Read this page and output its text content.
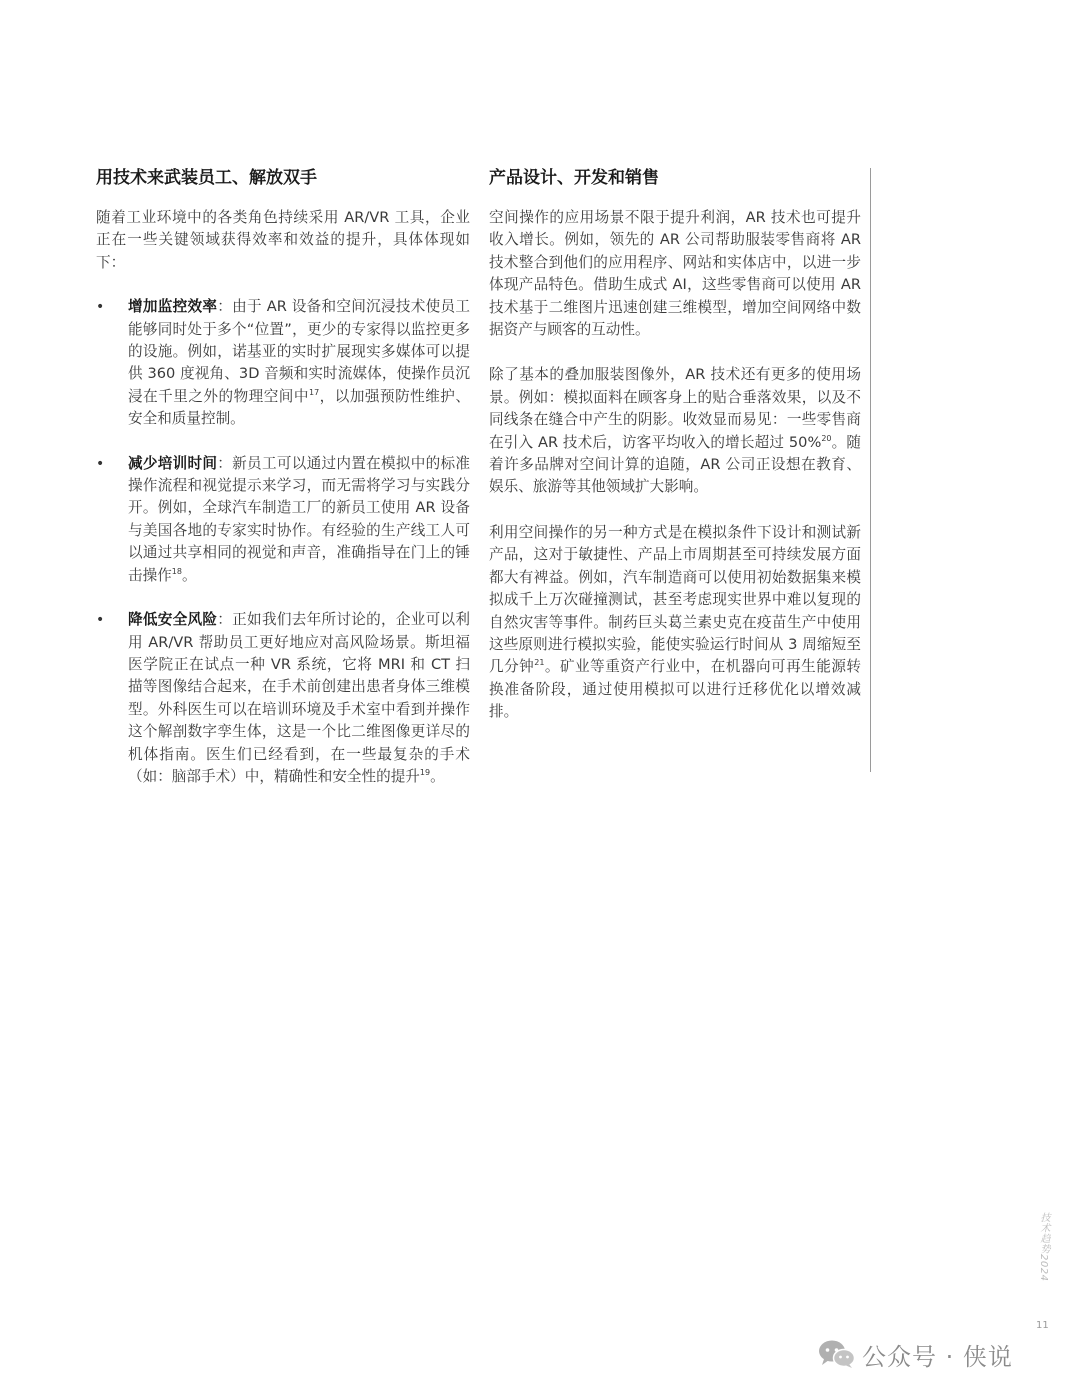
用技术来武装员工、解放双手

随着工业环境中的各类角色持续采用 AR/VR 工具，企业正在一些关键领域获得效率和效益的提升，具体体现如下：

• 增加监控效率：由于 AR 设备和空间沉浸技术使员工能够同时处于多个“位置”，更少的专家得以监控更多的设施。例如，诺基亚的实时扩展现实多媒体可以提供 360 度视角、3D 音频和实时流媒体，使操作员沉浸在千里之外的物理空间中$^{17}$，以加强预防性维护、安全和质量控制。
• 减少培训时间：新员工可以通过内置在模拟中的标准操作流程和视觉提示来学习，而无需将学习与实践分开。例如，全球汽车制造工厂的新员工使用 AR 设备与美国各地的专家实时协作。有经验的生产线工人可以通过共享相同的视觉和声音，准确指导在门上的锤击操作$^{18}$。
• 降低安全风险：正如我们去年所讨论的，企业可以利用 AR/VR 帮助员工更好地应对高风险场景。斯坦福医学院正在试点一种 VR 系统，它将 MRI 和 CT 扫描等图像结合起来，在手术前创建出患者身体三维模型。外科医生可以在培训环境及手术室中看到并操作这个解剖数字孪生体，这是一个比二维图像更详尽的机体指南。医生们已经看到，在一些最复杂的手术（如：脑部手术）中，精确性和安全性的提升$^{19}$。
产品设计、开发和销售

空间操作的应用场景不限于提升利润，AR 技术也可提升收入增长。例如，领先的 AR 公司帮助服装零售商将 AR 技术整合到他们的应用程序、网站和实体店中，以进一步体现产品特色。借助生成式 AI，这些零售商可以使用 AR 技术基于二维图片迅速创建三维模型，增加空间网络中数据资产与顾客的互动性。

除了基本的叠加服装图像外，AR 技术还有更多的使用场景。例如：模拟面料在顾客身上的贴合垂落效果，以及不同线条在缝合中产生的阴影。收效显而易见：一些零售商在引入 AR 技术后，访客平均收入的增长超过 50%$^{20}$。随着许多品牌对空间计算的追随，AR 公司正设想在教育、娱乐、旅游等其他领域扩大影响。

利用空间操作的另一种方式是在模拟条件下设计和测试新产品，这对于敏捷性、产品上市周期甚至可持续发展方面都大有裨益。例如，汽车制造商可以使用初始数据集来模拟成千上万次碰撞测试，甚至考虑现实世界中难以复现的自然灾害等事件。制药巨头葛兰素史克在疫苗生产中使用这些原则进行模拟实验，能使实验运行时间从 3 周缩短至几分钟$^{21}$。矿业等重资产行业中，在机器向可再生能源转换准备阶段，通过使用模拟可以进行迁移优化以增效减排。

技术趋势2024
11
公众号 · 侠说
